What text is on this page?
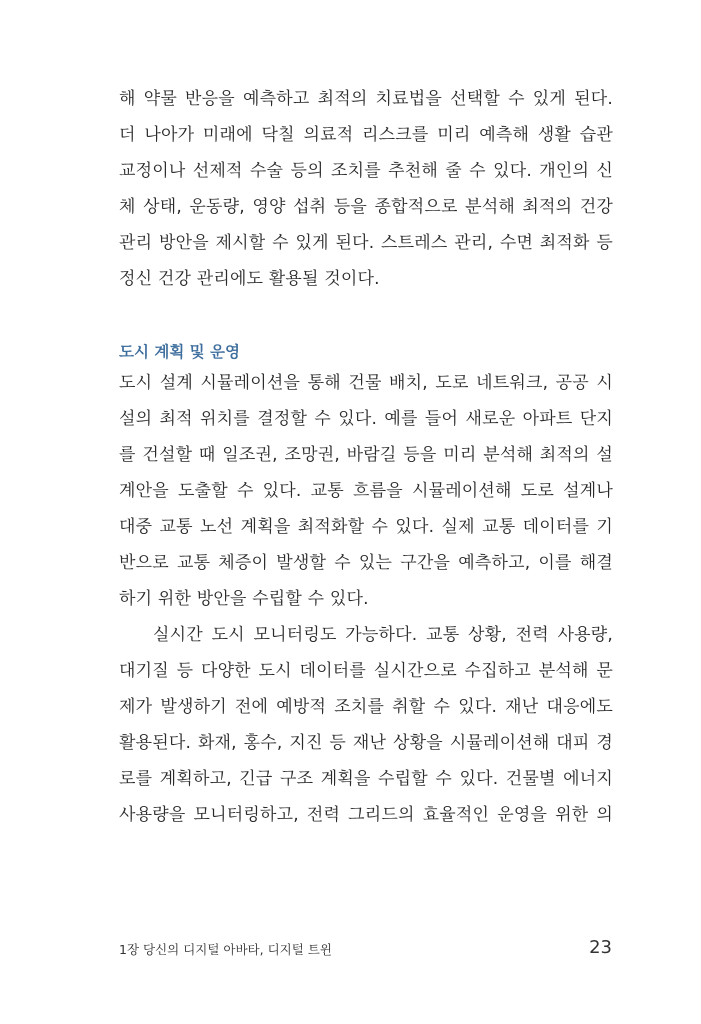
해 약물 반응을 예측하고 최적의 치료법을 선택할 수 있게 된다.
더 나아가 미래에 닥칠 의료적 리스크를 미리 예측해 생활 습관
교정이나 선제적 수술 등의 조치를 추천해 줄 수 있다. 개인의 신
체 상태, 운동량, 영양 섭취 등을 종합적으로 분석해 최적의 건강
관리 방안을 제시할 수 있게 된다. 스트레스 관리, 수면 최적화 등
정신 건강 관리에도 활용될 것이다.
도시 계획 및 운영
도시 설계 시뮬레이션을 통해 건물 배치, 도로 네트워크, 공공 시
설의 최적 위치를 결정할 수 있다. 예를 들어 새로운 아파트 단지
를 건설할 때 일조권, 조망권, 바람길 등을 미리 분석해 최적의 설
계안을 도출할 수 있다. 교통 흐름을 시뮬레이션해 도로 설계나
대중 교통 노선 계획을 최적화할 수 있다. 실제 교통 데이터를 기
반으로 교통 체증이 발생할 수 있는 구간을 예측하고, 이를 해결
하기 위한 방안을 수립할 수 있다.
실시간 도시 모니터링도 가능하다. 교통 상황, 전력 사용량,
대기질 등 다양한 도시 데이터를 실시간으로 수집하고 분석해 문
제가 발생하기 전에 예방적 조치를 취할 수 있다. 재난 대응에도
활용된다. 화재, 홍수, 지진 등 재난 상황을 시뮬레이션해 대피 경
로를 계획하고, 긴급 구조 계획을 수립할 수 있다. 건물별 에너지
사용량을 모니터링하고, 전력 그리드의 효율적인 운영을 위한 의
1장 당신의 디지털 아바타, 디지털 트윈	23
